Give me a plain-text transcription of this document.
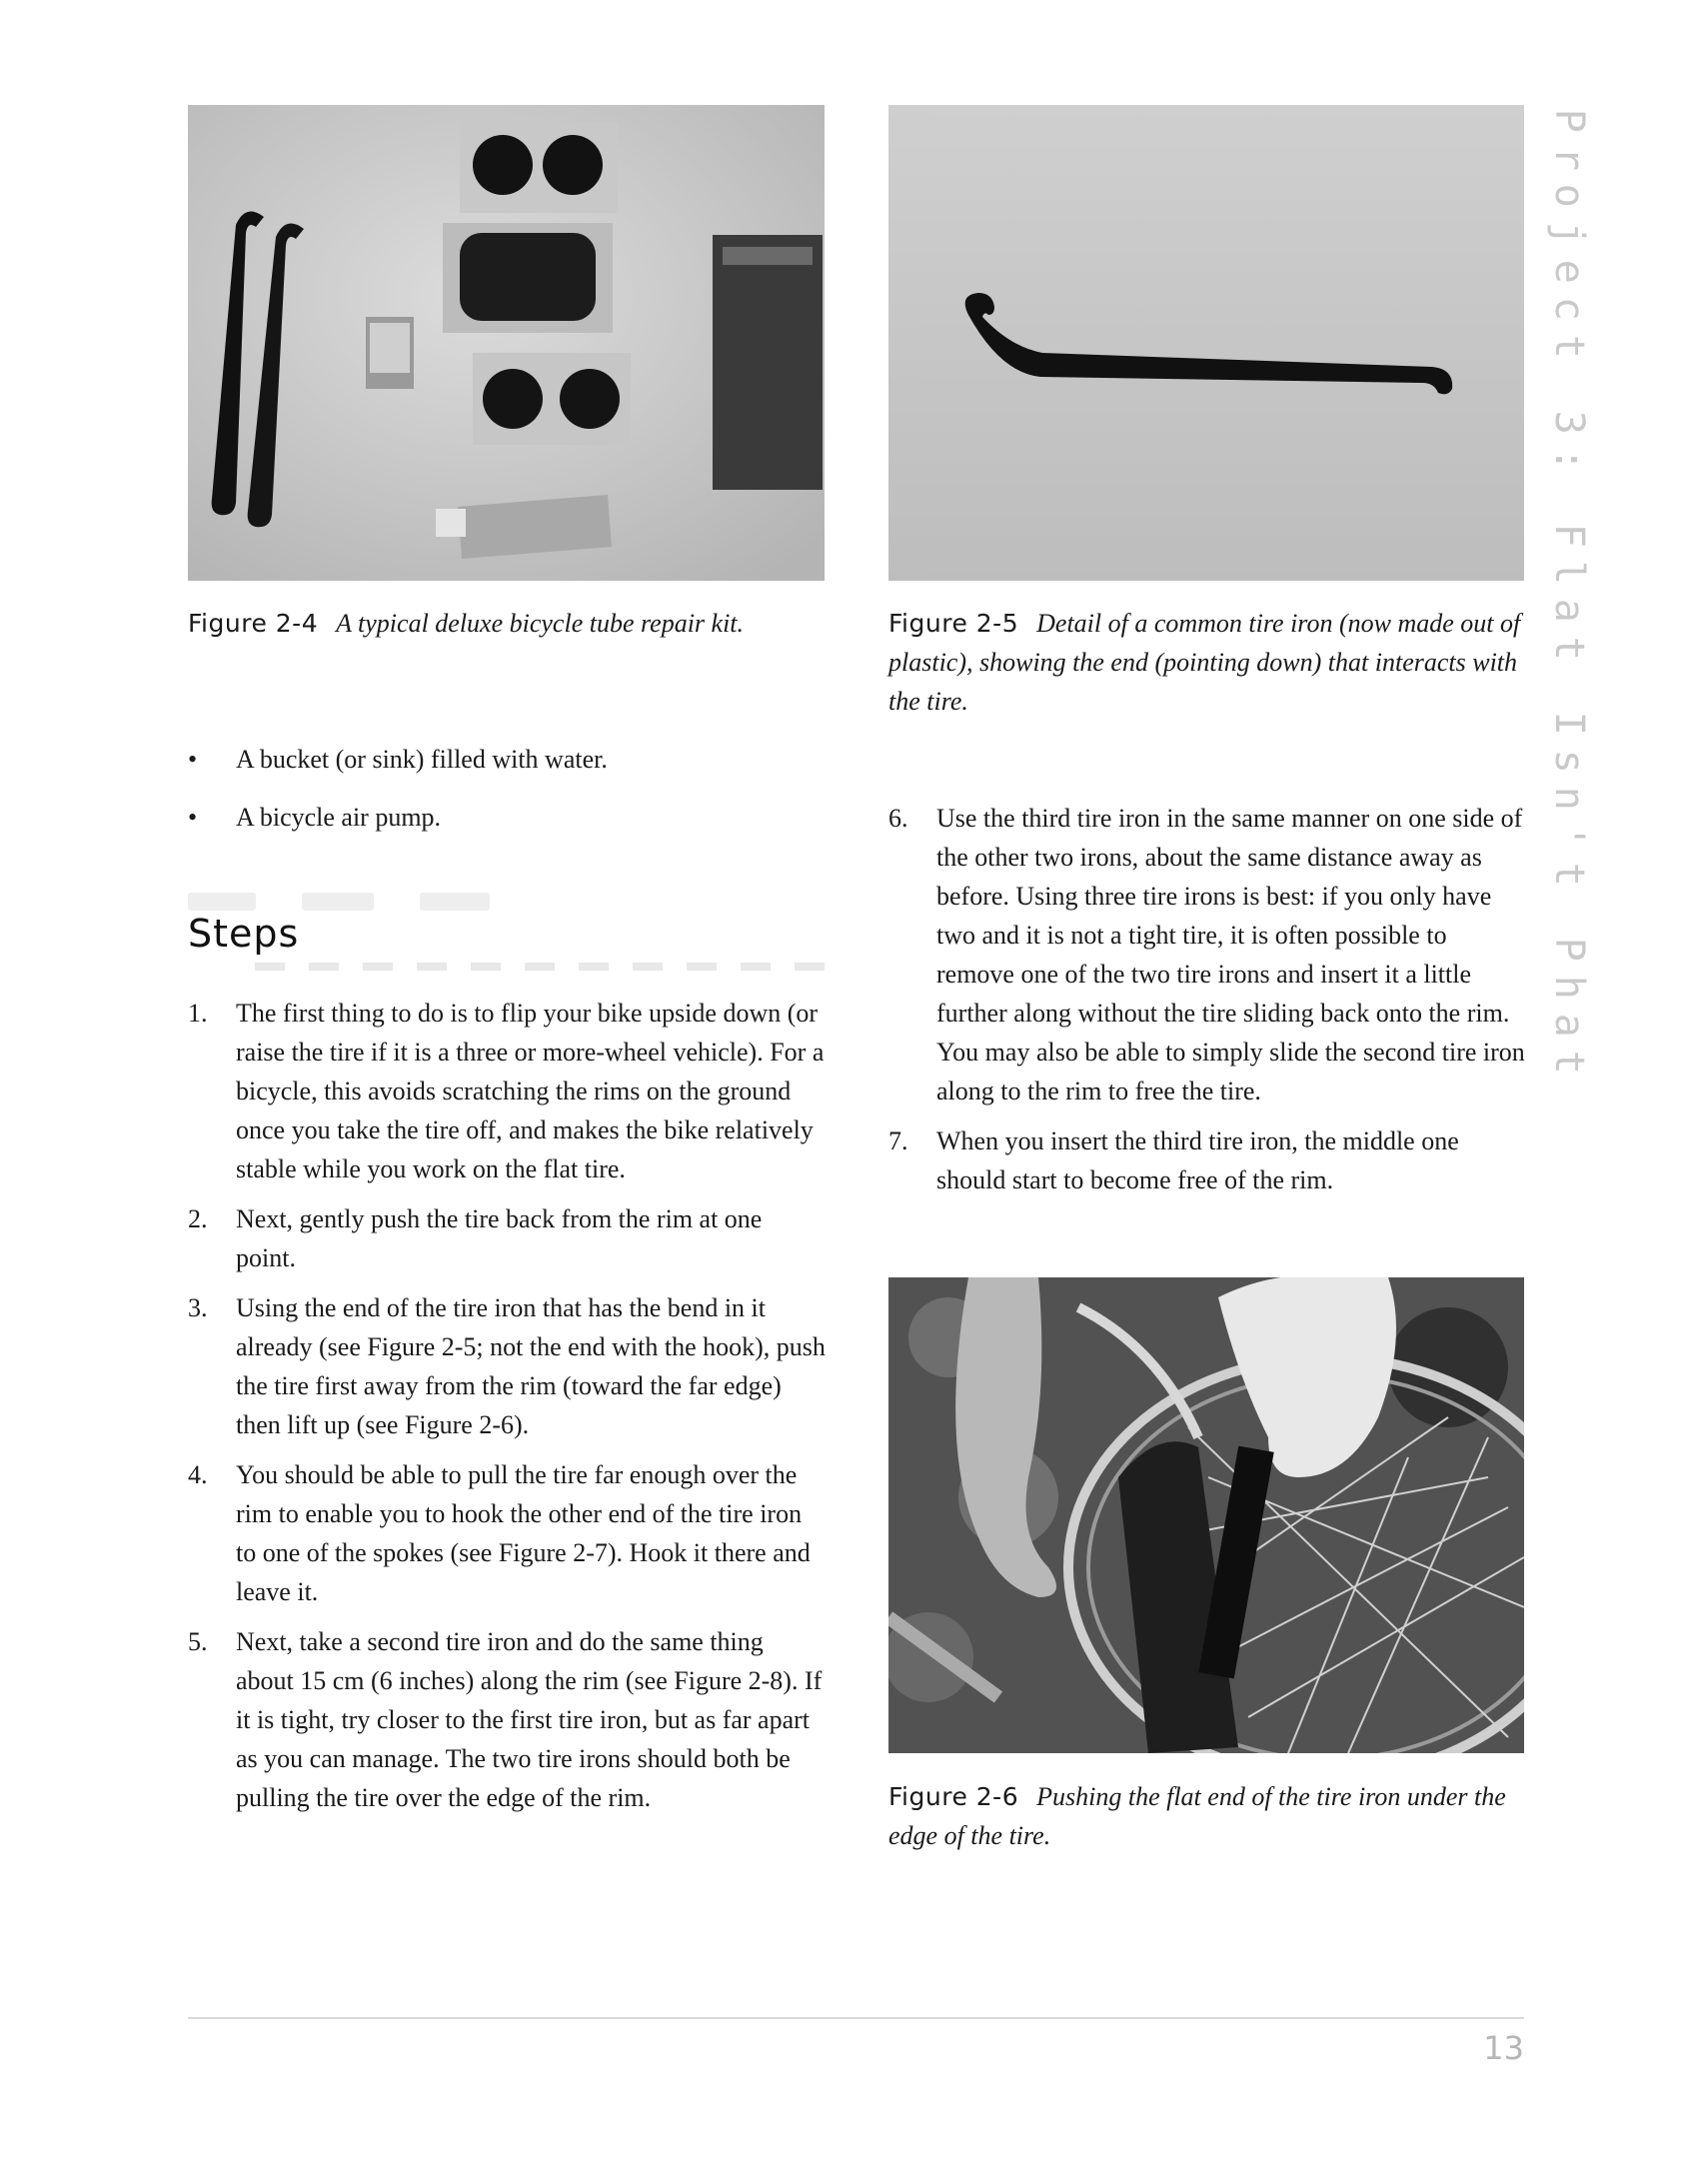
Figure 2-4 A typical deluxe bicycle tube repair kit.	Figure 2-5 Detail of a common tire iron (now made out of plastic), showing the end (pointing down) that interacts with the tire.

Figure 2-6 Pushing the flat end of the tire iron under the edge of the tire.

• A bucket (or sink) filled with water.
• A bicycle air pump.
Steps
1. The first thing to do is to flip your bike upside down (or raise the tire if it is a three or more-wheel vehicle). For a bicycle, this avoids scratching the rims on the ground once you take the tire off, and makes the bike relatively stable while you work on the flat tire.
2. Next, gently push the tire back from the rim at one point.
3. Using the end of the tire iron that has the bend in it already (see Figure 2-5; not the end with the hook), push the tire first away from the rim (toward the far edge) then lift up (see Figure 2-6).
4. You should be able to pull the tire far enough over the rim to enable you to hook the other end of the tire iron to one of the spokes (see Figure 2-7). Hook it there and leave it.
5. Next, take a second tire iron and do the same thing about 15 cm (6 inches) along the rim (see Figure 2-8). If it is tight, try closer to the first tire iron, but as far apart as you can manage. The two tire irons should both be pulling the tire over the edge of the rim.
6. Use the third tire iron in the same manner on one side of the other two irons, about the same distance away as before. Using three tire irons is best: if you only have two and it is not a tight tire, it is often possible to remove one of the two tire irons and insert it a little further along without the tire sliding back onto the rim. You may also be able to simply slide the second tire iron along to the rim to free the tire.
7. When you insert the third tire iron, the middle one should start to become free of the rim.
P
r
o
j
e
c
t

3
:

F
l
a
t

I
s
n
'
t

P
h
a
t
13
